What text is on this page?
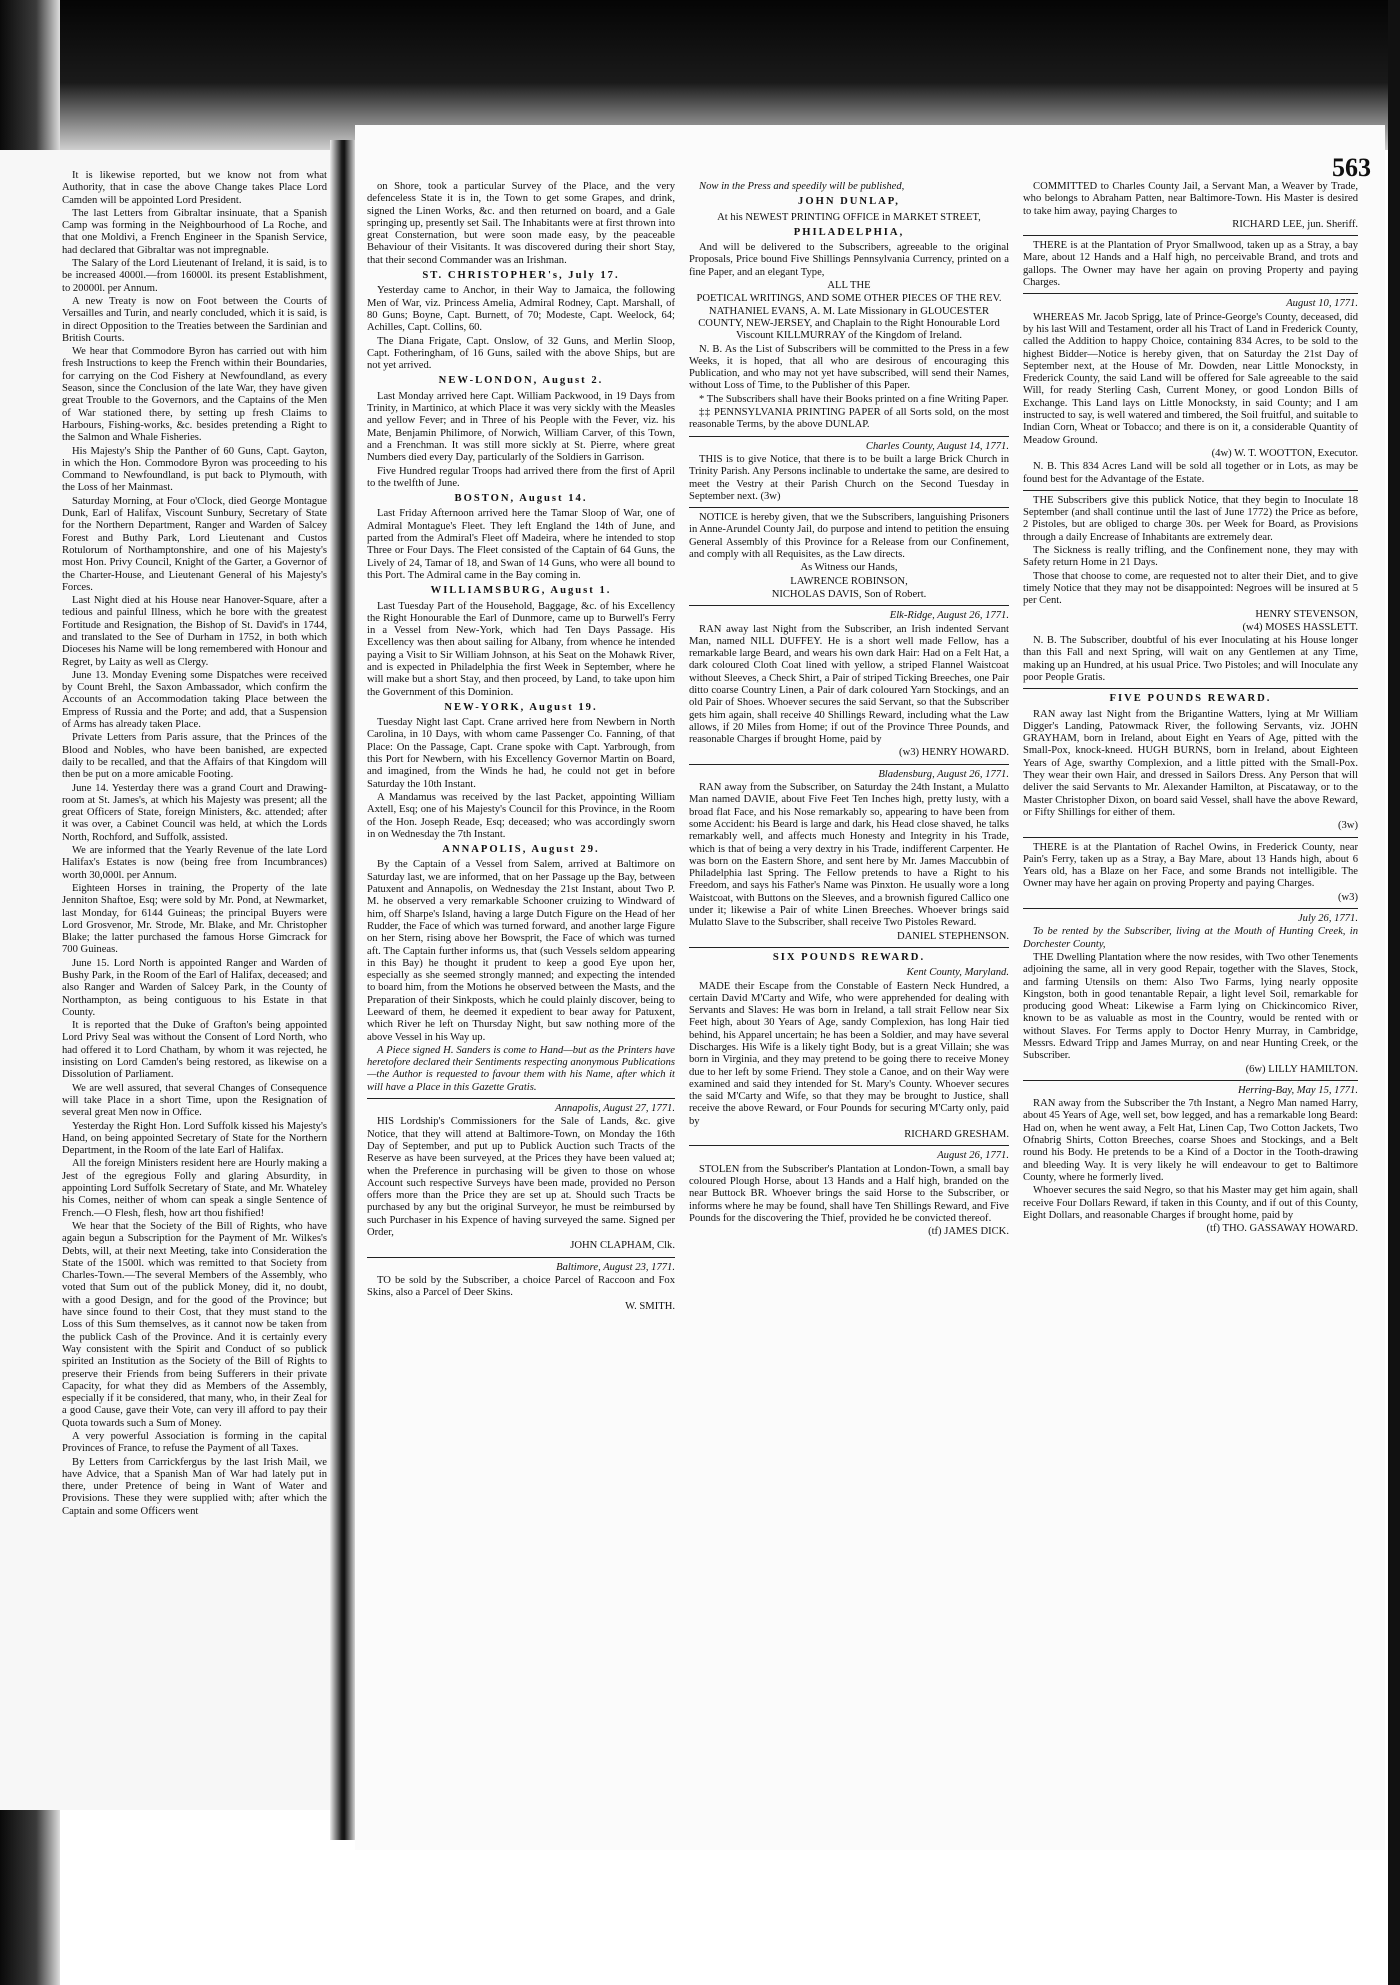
It is likewise reported, but we know not from what Authority, that in case the above Change takes Place Lord Camden will be appointed Lord President.

The last Letters from Gibraltar insinuate, that a Spanish Camp was forming in the Neighbourhood of La Roche, and that one Moldivi, a French Engineer in the Spanish Service, had declared that Gibraltar was not impregnable.

The Salary of the Lord Lieutenant of Ireland, it is said, is to be increased 4000l.—from 16000l. its present Establishment, to 20000l. per Annum.

A new Treaty is now on Foot between the Courts of Versailles and Turin, and nearly concluded, which it is said, is in direct Opposition to the Treaties between the Sardinian and British Courts.

We hear that Commodore Byron has carried out with him fresh Instructions to keep the French within their Boundaries, for carrying on the Cod Fishery at Newfoundland, as every Season, since the Conclusion of the late War, they have given great Trouble to the Governors, and the Captains of the Men of War stationed there, by setting up fresh Claims to Harbours, Fishing-works, &c. besides pretending a Right to the Salmon and Whale Fisheries.

His Majesty's Ship the Panther of 60 Guns, Capt. Gayton, in which the Hon. Commodore Byron was proceeding to his Command to Newfoundland, is put back to Plymouth, with the Loss of her Mainmast.

Saturday Morning, at Four o'Clock, died George Montague Dunk, Earl of Halifax, Viscount Sunbury, Secretary of State for the Northern Department, Ranger and Warden of Salcey Forest and Buthy Park, Lord Lieutenant and Custos Rotulorum of Northamptonshire, and one of his Majesty's most Hon. Privy Council, Knight of the Garter, a Governor of the Charter-House, and Lieutenant General of his Majesty's Forces.

Last Night died at his House near Hanover-Square, after a tedious and painful Illness, which he bore with the greatest Fortitude and Resignation, the Bishop of St. David's in 1744, and translated to the See of Durham in 1752, in both which Dioceses his Name will be long remembered with Honour and Regret, by Laity as well as Clergy.

June 13. Monday Evening some Dispatches were received by Count Brehl, the Saxon Ambassador, which confirm the Accounts of an Accommodation taking Place between the Empress of Russia and the Porte; and add, that a Suspension of Arms has already taken Place.

Private Letters from Paris assure, that the Princes of the Blood and Nobles, who have been banished, are expected daily to be recalled, and that the Affairs of that Kingdom will then be put on a more amicable Footing.

June 14. Yesterday there was a grand Court and Drawing-room at St. James's, at which his Majesty was present; all the great Officers of State, foreign Ministers, &c. attended; after it was over, a Cabinet Council was held, at which the Lords North, Rochford, and Suffolk, assisted.

We are informed that the Yearly Revenue of the late Lord Halifax's Estates is now (being free from Incumbrances) worth 30,000l. per Annum.

Eighteen Horses in training, the Property of the late Jenniton Shaftoe, Esq; were sold by Mr. Pond, at Newmarket, last Monday, for 6144 Guineas; the principal Buyers were Lord Grosvenor, Mr. Strode, Mr. Blake, and Mr. Christopher Blake; the latter purchased the famous Horse Gimcrack for 700 Guineas.

June 15. Lord North is appointed Ranger and Warden of Bushy Park, in the Room of the Earl of Halifax, deceased; and also Ranger and Warden of Salcey Park, in the County of Northampton, as being contiguous to his Estate in that County.

It is reported that the Duke of Grafton's being appointed Lord Privy Seal was without the Consent of Lord North, who had offered it to Lord Chatham, by whom it was rejected, he insisting on Lord Camden's being restored, as likewise on a Dissolution of Parliament.

We are well assured, that several Changes of Consequence will take Place in a short Time, upon the Resignation of several great Men now in Office.

Yesterday the Right Hon. Lord Suffolk kissed his Majesty's Hand, on being appointed Secretary of State for the Northern Department, in the Room of the late Earl of Halifax.

All the foreign Ministers resident here are Hourly making a Jest of the egregious Folly and glaring Absurdity, in appointing Lord Suffolk Secretary of State, and Mr. Whateley his Comes, neither of whom can speak a single Sentence of French.—O Flesh, flesh, how art thou fishified!

We hear that the Society of the Bill of Rights, who have again begun a Subscription for the Payment of Mr. Wilkes's Debts, will, at their next Meeting, take into Consideration the State of the 1500l. which was remitted to that Society from Charles-Town.—The several Members of the Assembly, who voted that Sum out of the publick Money, did it, no doubt, with a good Design, and for the good of the Province; but have since found to their Cost, that they must stand to the Loss of this Sum themselves, as it cannot now be taken from the publick Cash of the Province. And it is certainly every Way consistent with the Spirit and Conduct of so publick spirited an Institution as the Society of the Bill of Rights to preserve their Friends from being Sufferers in their private Capacity, for what they did as Members of the Assembly, especially if it be considered, that many, who, in their Zeal for a good Cause, gave their Vote, can very ill afford to pay their Quota towards such a Sum of Money.

A very powerful Association is forming in the capital Provinces of France, to refuse the Payment of all Taxes.

By Letters from Carrickfergus by the last Irish Mail, we have Advice, that a Spanish Man of War had lately put in there, under Pretence of being in Want of Water and Provisions. These they were supplied with; after which the Captain and some Officers went

563

on Shore, took a particular Survey of the Place, and the very defenceless State it is in, the Town to get some Grapes, and drink, signed the Linen Works, &c. and then returned on board, and a Gale springing up, presently set Sail. The Inhabitants were at first thrown into great Consternation, but were soon made easy, by the peaceable Behaviour of their Visitants. It was discovered during their short Stay, that their second Commander was an Irishman.

ST. CHRISTOPHER's, July 17.

Yesterday came to Anchor, in their Way to Jamaica, the following Men of War, viz. Princess Amelia, Admiral Rodney, Capt. Marshall, of 80 Guns; Boyne, Capt. Burnett, of 70; Modeste, Capt. Weelock, 64; Achilles, Capt. Collins, 60.

The Diana Frigate, Capt. Onslow, of 32 Guns, and Merlin Sloop, Capt. Fotheringham, of 16 Guns, sailed with the above Ships, but are not yet arrived.

NEW-LONDON, August 2.

Last Monday arrived here Capt. William Packwood, in 19 Days from Trinity, in Martinico, at which Place it was very sickly with the Measles and yellow Fever; and in Three of his People with the Fever, viz. his Mate, Benjamin Philimore, of Norwich, William Carver, of this Town, and a Frenchman. It was still more sickly at St. Pierre, where great Numbers died every Day, particularly of the Soldiers in Garrison.

Five Hundred regular Troops had arrived there from the first of April to the twelfth of June.

BOSTON, August 14.

Last Friday Afternoon arrived here the Tamar Sloop of War, one of Admiral Montague's Fleet. They left England the 14th of June, and parted from the Admiral's Fleet off Madeira, where he intended to stop Three or Four Days. The Fleet consisted of the Captain of 64 Guns, the Lively of 24, Tamar of 18, and Swan of 14 Guns, who were all bound to this Port. The Admiral came in the Bay coming in.

WILLIAMSBURG, August 1.

Last Tuesday Part of the Household, Baggage, &c. of his Excellency the Right Honourable the Earl of Dunmore, came up to Burwell's Ferry in a Vessel from New-York, which had Ten Days Passage. His Excellency was then about sailing for Albany, from whence he intended paying a Visit to Sir William Johnson, at his Seat on the Mohawk River, and is expected in Philadelphia the first Week in September, where he will make but a short Stay, and then proceed, by Land, to take upon him the Government of this Dominion.

NEW-YORK, August 19.

Tuesday Night last Capt. Crane arrived here from Newbern in North Carolina, in 10 Days, with whom came Passenger Co. Fanning, of that Place: On the Passage, Capt. Crane spoke with Capt. Yarbrough, from this Port for Newbern, with his Excellency Governor Martin on Board, and imagined, from the Winds he had, he could not get in before Saturday the 10th Instant.

A Mandamus was received by the last Packet, appointing William Axtell, Esq; one of his Majesty's Council for this Province, in the Room of the Hon. Joseph Reade, Esq; deceased; who was accordingly sworn in on Wednesday the 7th Instant.

ANNAPOLIS, August 29.

By the Captain of a Vessel from Salem, arrived at Baltimore on Saturday last, we are informed, that on her Passage up the Bay, between Patuxent and Annapolis, on Wednesday the 21st Instant, about Two P. M. he observed a very remarkable Schooner cruizing to Windward of him, off Sharpe's Island, having a large Dutch Figure on the Head of her Rudder, the Face of which was turned forward, and another large Figure on her Stern, rising above her Bowsprit, the Face of which was turned aft. The Captain further informs us, that (such Vessels seldom appearing in this Bay) he thought it prudent to keep a good Eye upon her, especially as she seemed strongly manned; and expecting the intended to board him, from the Motions he observed between the Masts, and the Preparation of their Sinkposts, which he could plainly discover, being to Leeward of them, he deemed it expedient to bear away for Patuxent, which River he left on Thursday Night, but saw nothing more of the above Vessel in his Way up.

A Piece signed H. Sanders is come to Hand—but as the Printers have heretofore declared their Sentiments respecting anonymous Publications—the Author is requested to favour them with his Name, after which it will have a Place in this Gazette Gratis.

Annapolis, August 27, 1771.

HIS Lordship's Commissioners for the Sale of Lands, &c. give Notice, that they will attend at Baltimore-Town, on Monday the 16th Day of September, and put up to Publick Auction such Tracts of the Reserve as have been surveyed, at the Prices they have been valued at; when the Preference in purchasing will be given to those on whose Account such respective Surveys have been made, provided no Person offers more than the Price they are set up at. Should such Tracts be purchased by any but the original Surveyor, he must be reimbursed by such Purchaser in his Expence of having surveyed the same. Signed per Order,

JOHN CLAPHAM, Clk.

Baltimore, August 23, 1771.

TO be sold by the Subscriber, a choice Parcel of Raccoon and Fox Skins, also a Parcel of Deer Skins.

W. SMITH.

Now in the Press and speedily will be published,

JOHN DUNLAP,

At his NEWEST PRINTING OFFICE in MARKET STREET,

PHILADELPHIA,

And will be delivered to the Subscribers, agreeable to the original Proposals, Price bound Five Shillings Pennsylvania Currency, printed on a fine Paper, and an elegant Type,

ALL THE

POETICAL WRITINGS, AND SOME OTHER PIECES OF THE REV. NATHANIEL EVANS, A. M. Late Missionary in GLOUCESTER COUNTY, NEW-JERSEY, and Chaplain to the Right Honourable Lord Viscount KILLMURRAY of the Kingdom of Ireland.

N. B. As the List of Subscribers will be committed to the Press in a few Weeks, it is hoped, that all who are desirous of encouraging this Publication, and who may not yet have subscribed, will send their Names, without Loss of Time, to the Publisher of this Paper.

* The Subscribers shall have their Books printed on a fine Writing Paper.

‡‡ PENNSYLVANIA PRINTING PAPER of all Sorts sold, on the most reasonable Terms, by the above DUNLAP.

Charles County, August 14, 1771.

THIS is to give Notice, that there is to be built a large Brick Church in Trinity Parish. Any Persons inclinable to undertake the same, are desired to meet the Vestry at their Parish Church on the Second Tuesday in September next. (3w)

NOTICE is hereby given, that we the Subscribers, languishing Prisoners in Anne-Arundel County Jail, do purpose and intend to petition the ensuing General Assembly of this Province for a Release from our Confinement, and comply with all Requisites, as the Law directs.

As Witness our Hands,

LAWRENCE ROBINSON,

NICHOLAS DAVIS, Son of Robert.

Elk-Ridge, August 26, 1771.

RAN away last Night from the Subscriber, an Irish indented Servant Man, named NILL DUFFEY. He is a short well made Fellow, has a remarkable large Beard, and wears his own dark Hair: Had on a Felt Hat, a dark coloured Cloth Coat lined with yellow, a striped Flannel Waistcoat without Sleeves, a Check Shirt, a Pair of striped Ticking Breeches, one Pair ditto coarse Country Linen, a Pair of dark coloured Yarn Stockings, and an old Pair of Shoes. Whoever secures the said Servant, so that the Subscriber gets him again, shall receive 40 Shillings Reward, including what the Law allows, if 20 Miles from Home; if out of the Province Three Pounds, and reasonable Charges if brought Home, paid by

(w3) HENRY HOWARD.

Bladensburg, August 26, 1771.

RAN away from the Subscriber, on Saturday the 24th Instant, a Mulatto Man named DAVIE, about Five Feet Ten Inches high, pretty lusty, with a broad flat Face, and his Nose remarkably so, appearing to have been from some Accident: his Beard is large and dark, his Head close shaved, he talks remarkably well, and affects much Honesty and Integrity in his Trade, which is that of being a very dextry in his Trade, indifferent Carpenter. He was born on the Eastern Shore, and sent here by Mr. James Maccubbin of Philadelphia last Spring. The Fellow pretends to have a Right to his Freedom, and says his Father's Name was Pinxton. He usually wore a long Waistcoat, with Buttons on the Sleeves, and a brownish figured Callico one under it; likewise a Pair of white Linen Breeches. Whoever brings said Mulatto Slave to the Subscriber, shall receive Two Pistoles Reward.

DANIEL STEPHENSON.

SIX POUNDS REWARD.

Kent County, Maryland.

MADE their Escape from the Constable of Eastern Neck Hundred, a certain David M'Carty and Wife, who were apprehended for dealing with Servants and Slaves: He was born in Ireland, a tall strait Fellow near Six Feet high, about 30 Years of Age, sandy Complexion, has long Hair tied behind, his Apparel uncertain; he has been a Soldier, and may have several Discharges. His Wife is a likely tight Body, but is a great Villain; she was born in Virginia, and they may pretend to be going there to receive Money due to her left by some Friend. They stole a Canoe, and on their Way were examined and said they intended for St. Mary's County. Whoever secures the said M'Carty and Wife, so that they may be brought to Justice, shall receive the above Reward, or Four Pounds for securing M'Carty only, paid by

RICHARD GRESHAM.

August 26, 1771.

STOLEN from the Subscriber's Plantation at London-Town, a small bay coloured Plough Horse, about 13 Hands and a Half high, branded on the near Buttock BR. Whoever brings the said Horse to the Subscriber, or informs where he may be found, shall have Ten Shillings Reward, and Five Pounds for the discovering the Thief, provided he be convicted thereof.

(tf) JAMES DICK.

COMMITTED to Charles County Jail, a Servant Man, a Weaver by Trade, who belongs to Abraham Patten, near Baltimore-Town. His Master is desired to take him away, paying Charges to

RICHARD LEE, jun. Sheriff.

THERE is at the Plantation of Pryor Smallwood, taken up as a Stray, a bay Mare, about 12 Hands and a Half high, no perceivable Brand, and trots and gallops. The Owner may have her again on proving Property and paying Charges.

August 10, 1771.

WHEREAS Mr. Jacob Sprigg, late of Prince-George's County, deceased, did by his last Will and Testament, order all his Tract of Land in Frederick County, called the Addition to happy Choice, containing 834 Acres, to be sold to the highest Bidder—Notice is hereby given, that on Saturday the 21st Day of September next, at the House of Mr. Dowden, near Little Monocksty, in Frederick County, the said Land will be offered for Sale agreeable to the said Will, for ready Sterling Cash, Current Money, or good London Bills of Exchange. This Land lays on Little Monocksty, in said County; and I am instructed to say, is well watered and timbered, the Soil fruitful, and suitable to Indian Corn, Wheat or Tobacco; and there is on it, a considerable Quantity of Meadow Ground.

(4w) W. T. WOOTTON, Executor.

N. B. This 834 Acres Land will be sold all together or in Lots, as may be found best for the Advantage of the Estate.

THE Subscribers give this publick Notice, that they begin to Inoculate 18 September (and shall continue until the last of June 1772) the Price as before, 2 Pistoles, but are obliged to charge 30s. per Week for Board, as Provisions through a daily Encrease of Inhabitants are extremely dear.

The Sickness is really trifling, and the Confinement none, they may with Safety return Home in 21 Days.

Those that choose to come, are requested not to alter their Diet, and to give timely Notice that they may not be disappointed: Negroes will be insured at 5 per Cent.

HENRY STEVENSON,

(w4) MOSES HASSLETT.

N. B. The Subscriber, doubtful of his ever Inoculating at his House longer than this Fall and next Spring, will wait on any Gentlemen at any Time, making up an Hundred, at his usual Price. Two Pistoles; and will Inoculate any poor People Gratis.

FIVE POUNDS REWARD.

RAN away last Night from the Brigantine Watters, lying at Mr William Digger's Landing, Patowmack River, the following Servants, viz. JOHN GRAYHAM, born in Ireland, about Eight en Years of Age, pitted with the Small-Pox, knock-kneed. HUGH BURNS, born in Ireland, about Eighteen Years of Age, swarthy Complexion, and a little pitted with the Small-Pox. They wear their own Hair, and dressed in Sailors Dress. Any Person that will deliver the said Servants to Mr. Alexander Hamilton, at Piscataway, or to the Master Christopher Dixon, on board said Vessel, shall have the above Reward, or Fifty Shillings for either of them.

(3w)

THERE is at the Plantation of Rachel Owins, in Frederick County, near Pain's Ferry, taken up as a Stray, a Bay Mare, about 13 Hands high, about 6 Years old, has a Blaze on her Face, and some Brands not intelligible. The Owner may have her again on proving Property and paying Charges.

(w3)

July 26, 1771.

To be rented by the Subscriber, living at the Mouth of Hunting Creek, in Dorchester County,

THE Dwelling Plantation where the now resides, with Two other Tenements adjoining the same, all in very good Repair, together with the Slaves, Stock, and farming Utensils on them: Also Two Farms, lying nearly opposite Kingston, both in good tenantable Repair, a light level Soil, remarkable for producing good Wheat: Likewise a Farm lying on Chickincomico River, known to be as valuable as most in the Country, would be rented with or without Slaves. For Terms apply to Doctor Henry Murray, in Cambridge, Messrs. Edward Tripp and James Murray, on and near Hunting Creek, or the Subscriber.

(6w) LILLY HAMILTON.

Herring-Bay, May 15, 1771.

RAN away from the Subscriber the 7th Instant, a Negro Man named Harry, about 45 Years of Age, well set, bow legged, and has a remarkable long Beard: Had on, when he went away, a Felt Hat, Linen Cap, Two Cotton Jackets, Two Ofnabrig Shirts, Cotton Breeches, coarse Shoes and Stockings, and a Belt round his Body. He pretends to be a Kind of a Doctor in the Tooth-drawing and bleeding Way. It is very likely he will endeavour to get to Baltimore County, where he formerly lived.

Whoever secures the said Negro, so that his Master may get him again, shall receive Four Dollars Reward, if taken in this County, and if out of this County, Eight Dollars, and reasonable Charges if brought home, paid by

(tf) THO. GASSAWAY HOWARD.
